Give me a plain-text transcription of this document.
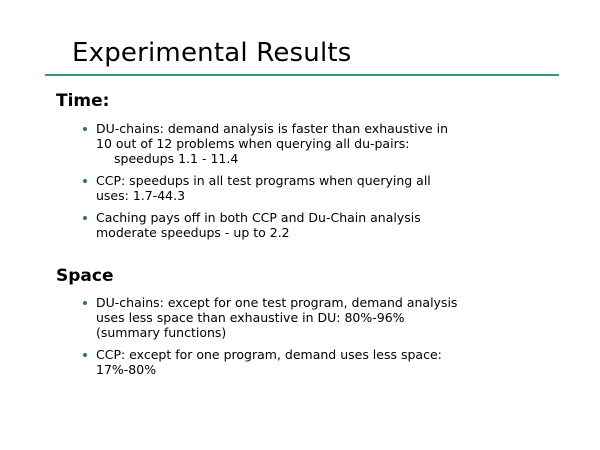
Experimental Results
Time:
DU-chains: demand analysis is faster than exhaustive in
10 out of 12 problems when querying all du-pairs:
speedups 1.1 - 11.4
CCP: speedups in all test programs when querying all
uses: 1.7-44.3
Caching pays off in both CCP and Du-Chain analysis
moderate speedups - up to 2.2
Space
DU-chains: except for one test program, demand analysis
uses less space than exhaustive in DU: 80%-96%
(summary functions)
CCP: except for one program, demand uses less space:
17%-80%
